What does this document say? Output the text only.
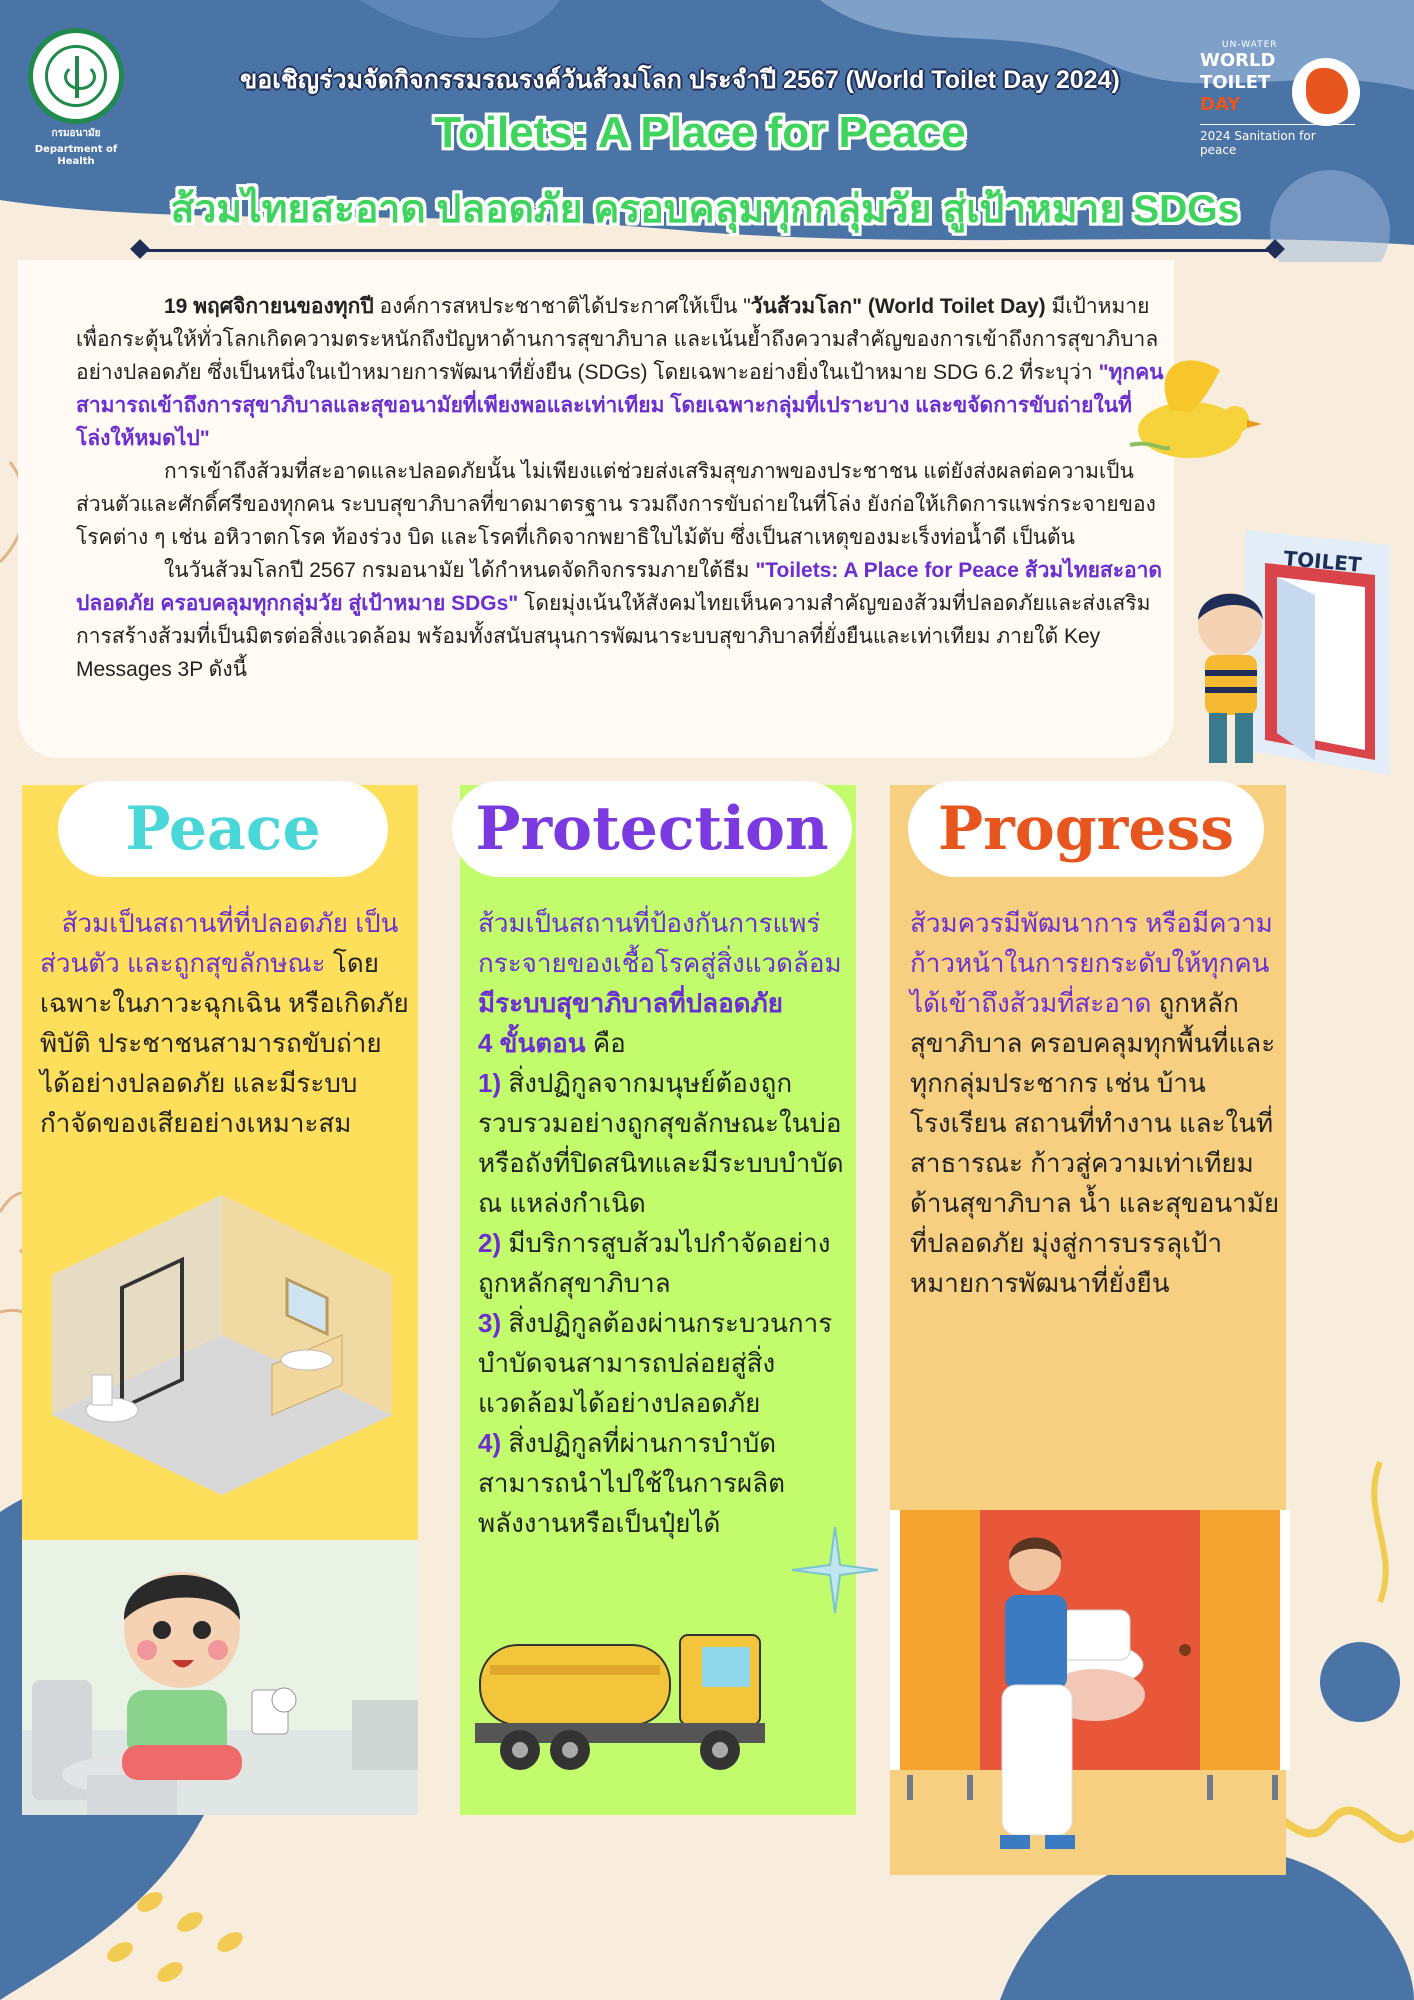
กรมอนามัย
Department of Health
ขอเชิญร่วมจัดกิจกรรมรณรงค์วันส้วมโลก ประจำปี 2567 (World Toilet Day 2024)
Toilets: A Place for Peace
ส้วมไทยสะอาด ปลอดภัย ครอบคลุมทุกกลุ่มวัย สู่เป้าหมาย SDGs
UN-WATER
WORLD
TOILET
DAY
2024 Sanitation for peace

19 พฤศจิกายนของทุกปี องค์การสหประชาชาติได้ประกาศให้เป็น "วันส้วมโลก" (World Toilet Day) มีเป้าหมายเพื่อกระตุ้นให้ทั่วโลกเกิดความตระหนักถึงปัญหาด้านการสุขาภิบาล และเน้นย้ำถึงความสำคัญของการเข้าถึงการสุขาภิบาลอย่างปลอดภัย ซึ่งเป็นหนึ่งในเป้าหมายการพัฒนาที่ยั่งยืน (SDGs) โดยเฉพาะอย่างยิ่งในเป้าหมาย SDG 6.2 ที่ระบุว่า "ทุกคนสามารถเข้าถึงการสุขาภิบาลและสุขอนามัยที่เพียงพอและเท่าเทียม โดยเฉพาะกลุ่มที่เปราะบาง และขจัดการขับถ่ายในที่โล่งให้หมดไป"

การเข้าถึงส้วมที่สะอาดและปลอดภัยนั้น ไม่เพียงแต่ช่วยส่งเสริมสุขภาพของประชาชน แต่ยังส่งผลต่อความเป็นส่วนตัวและศักดิ์ศรีของทุกคน ระบบสุขาภิบาลที่ขาดมาตรฐาน รวมถึงการขับถ่ายในที่โล่ง ยังก่อให้เกิดการแพร่กระจายของโรคต่าง ๆ เช่น อหิวาตกโรค ท้องร่วง บิด และโรคที่เกิดจากพยาธิใบไม้ตับ ซึ่งเป็นสาเหตุของมะเร็งท่อน้ำดี เป็นต้น

ในวันส้วมโลกปี 2567 กรมอนามัย ได้กำหนดจัดกิจกรรมภายใต้ธีม "Toilets: A Place for Peace ส้วมไทยสะอาด ปลอดภัย ครอบคลุมทุกกลุ่มวัย สู่เป้าหมาย SDGs" โดยมุ่งเน้นให้สังคมไทยเห็นความสำคัญของส้วมที่ปลอดภัยและส่งเสริมการสร้างส้วมที่เป็นมิตรต่อสิ่งแวดล้อม พร้อมทั้งสนับสนุนการพัฒนาระบบสุขาภิบาลที่ยั่งยืนและเท่าเทียม ภายใต้ Key Messages 3P ดังนี้

TOILET
Peace
ส้วมเป็นสถานที่ที่ปลอดภัย เป็นส่วนตัว และถูกสุขลักษณะ โดยเฉพาะในภาวะฉุกเฉิน หรือเกิดภัยพิบัติ ประชาชนสามารถขับถ่ายได้อย่างปลอดภัย และมีระบบกำจัดของเสียอย่างเหมาะสม
Protection
ส้วมเป็นสถานที่ป้องกันการแพร่กระจายของเชื้อโรคสู่สิ่งแวดล้อม
มีระบบสุขาภิบาลที่ปลอดภัย
4 ขั้นตอน คือ
1) สิ่งปฏิกูลจากมนุษย์ต้องถูกรวบรวมอย่างถูกสุขลักษณะในบ่อหรือถังที่ปิดสนิทและมีระบบบำบัด ณ แหล่งกำเนิด
2) มีบริการสูบส้วมไปกำจัดอย่างถูกหลักสุขาภิบาล
3) สิ่งปฏิกูลต้องผ่านกระบวนการบำบัดจนสามารถปล่อยสู่สิ่งแวดล้อมได้อย่างปลอดภัย
4) สิ่งปฏิกูลที่ผ่านการบำบัดสามารถนำไปใช้ในการผลิตพลังงานหรือเป็นปุ๋ยได้
Progress
ส้วมควรมีพัฒนาการ หรือมีความก้าวหน้าในการยกระดับให้ทุกคนได้เข้าถึงส้วมที่สะอาด ถูกหลักสุขาภิบาล ครอบคลุมทุกพื้นที่และทุกกลุ่มประชากร เช่น บ้าน โรงเรียน สถานที่ทำงาน และในที่สาธารณะ ก้าวสู่ความเท่าเทียมด้านสุขาภิบาล น้ำ และสุขอนามัย ที่ปลอดภัย มุ่งสู่การบรรลุเป้าหมายการพัฒนาที่ยั่งยืน
